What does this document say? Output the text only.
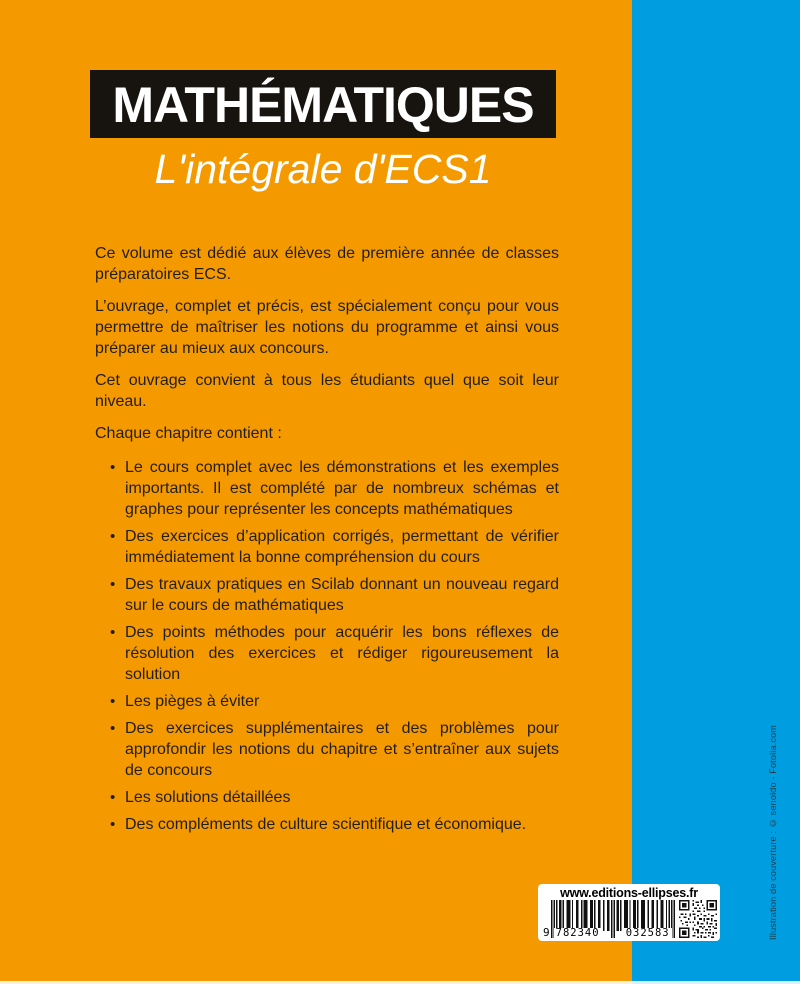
MATHÉMATIQUES
L'intégrale d'ECS1

Ce volume est dédié aux élèves de première année de classes préparatoires ECS.

L’ouvrage, complet et précis, est spécialement conçu pour vous permettre de maîtriser les notions du programme et ainsi vous préparer au mieux aux concours.

Cet ouvrage convient à tous les étudiants quel que soit leur niveau.

Chaque chapitre contient :

• Le cours complet avec les démonstrations et les exemples importants. Il est complété par de nombreux schémas et graphes pour représenter les concepts mathématiques
• Des exercices d’application corrigés, permettant de vérifier immédiatement la bonne compréhension du cours
• Des travaux pratiques en Scilab donnant un nouveau regard sur le cours de mathématiques
• Des points méthodes pour acquérir les bons réflexes de résolution des exercices et rédiger rigoureusement la solution
• Les pièges à éviter
• Des exercices supplémentaires et des problèmes pour approfondir les notions du chapitre et s’entraîner aux sujets de concours
• Les solutions détaillées
• Des compléments de culture scientifique et économique.	Illustration de couverture : © senoldo - Fotolia.com
www.editions-ellipses.fr
9 782340 032583
